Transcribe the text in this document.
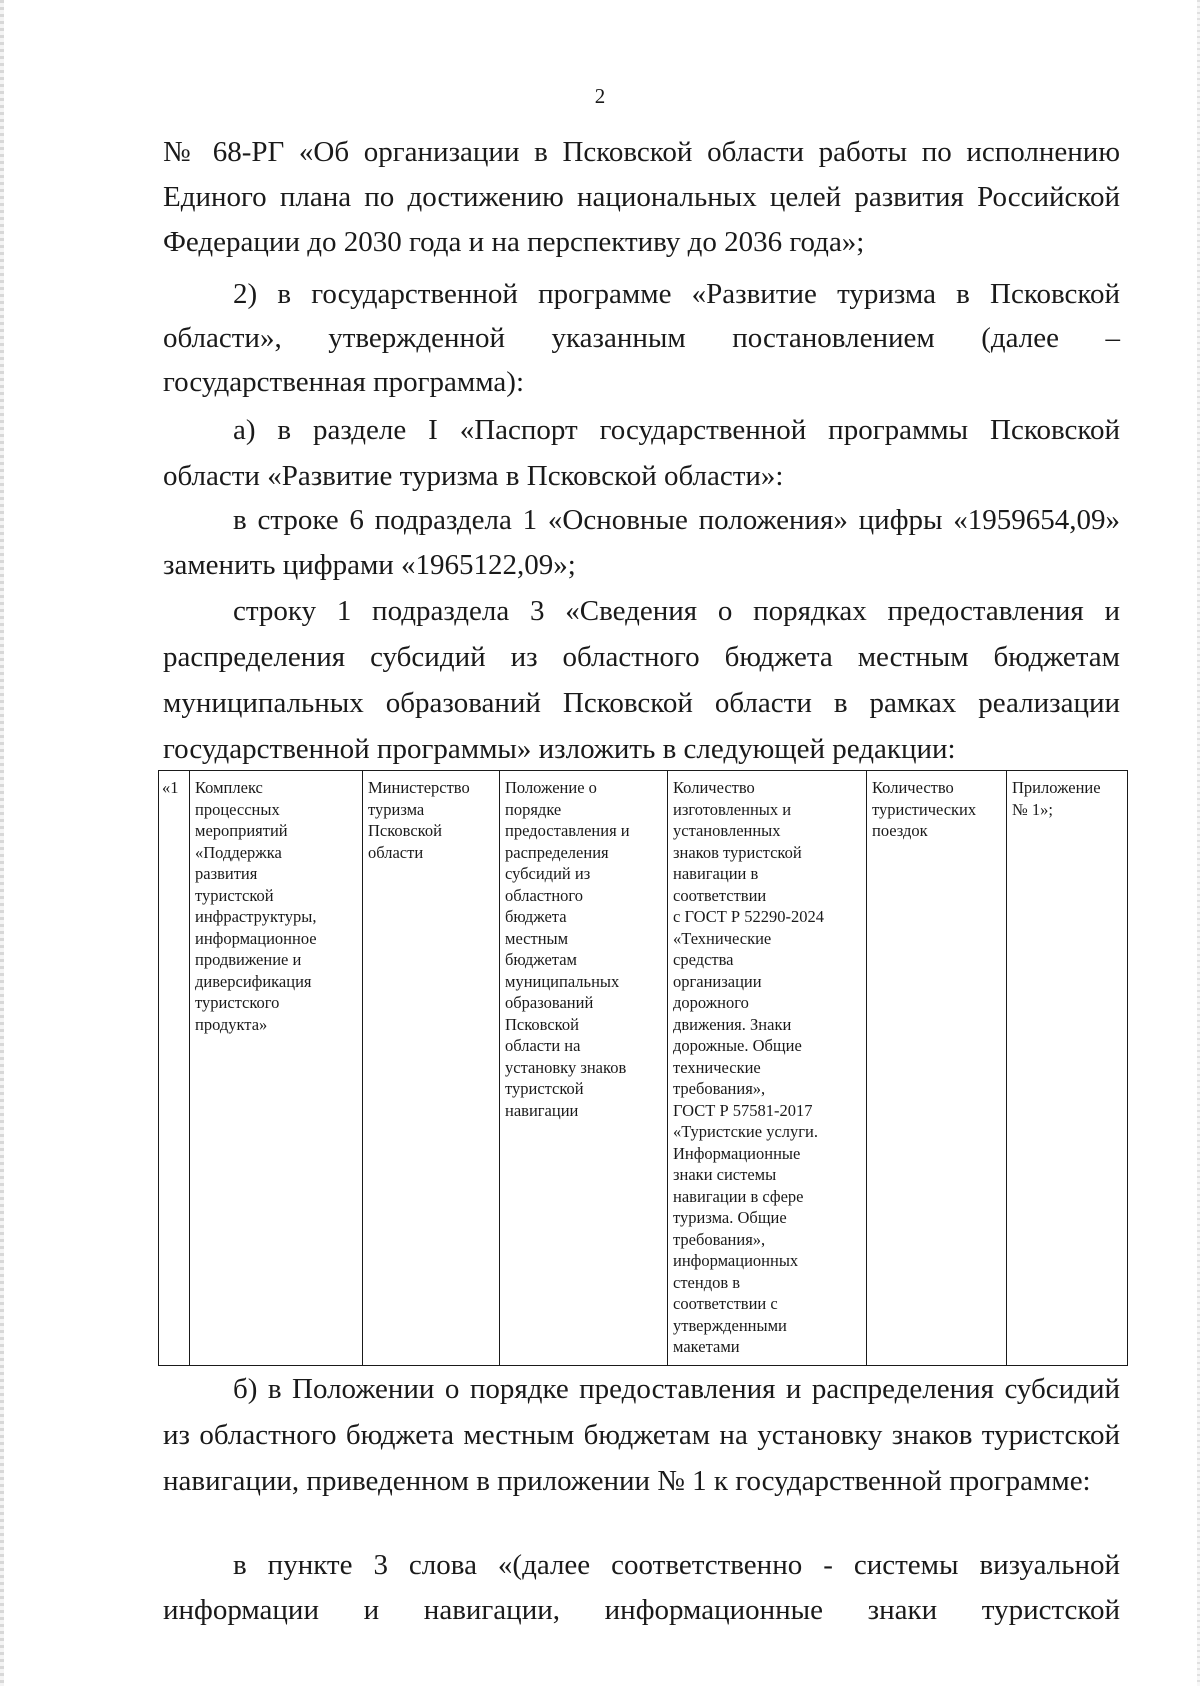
2

№ 68-РГ «Об организации в Псковской области работы по исполнению Единого плана по достижению национальных целей развития Российской Федерации до 2030 года и на перспективу до 2036 года»;

2) в государственной программе «Развитие туризма в Псковской области», утвержденной указанным постановлением (далее – государственная программа):

а) в разделе I «Паспорт государственной программы Псковской области «Развитие туризма в Псковской области»:

в строке 6 подраздела 1 «Основные положения» цифры «1959654,09» заменить цифрами «1965122,09»;

строку 1 подраздела 3 «Сведения о порядках предоставления и распределения субсидий из областного бюджета местным бюджетам муниципальных образований Псковской области в рамках реализации государственной программы» изложить в следующей редакции:

«1	Комплекс
процессных
мероприятий
«Поддержка
развития
туристской
инфраструктуры,
информационное
продвижение и
диверсификация
туристского
продукта»	Министерство
туризма
Псковской
области	Положение о
порядке
предоставления и
распределения
субсидий из
областного
бюджета
местным
бюджетам
муниципальных
образований
Псковской
области на
установку знаков
туристской
навигации	Количество
изготовленных и
установленных
знаков туристской
навигации в
соответствии
с ГОСТ Р 52290-2024
«Технические
средства
организации
дорожного
движения. Знаки
дорожные. Общие
технические
требования»,
ГОСТ Р 57581-2017
«Туристские услуги.
Информационные
знаки системы
навигации в сфере
туризма. Общие
требования»,
информационных
стендов в
соответствии с
утвержденными
макетами	Количество
туристических
поездок	Приложение
№ 1»;

б) в Положении о порядке предоставления и распределения субсидий из областного бюджета местным бюджетам на установку знаков туристской навигации, приведенном в приложении № 1 к государственной программе:

в пункте 3 слова «(далее соответственно - системы визуальной информации и навигации, информационные знаки туристской
